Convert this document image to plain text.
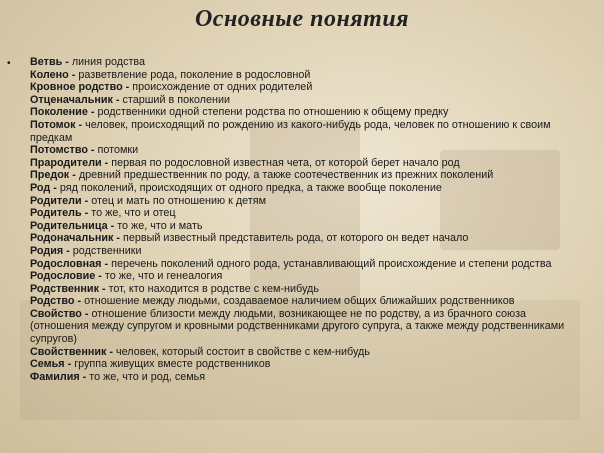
Основные понятия
• Ветвь - линия родства

Колено - разветвление рода, поколение в родословной

Кровное родство - происхождение от одних родителей

Отценачальник - старший в поколении

Поколение - родственники одной степени родства по отношению к общему предку

Потомок - человек, происходящий по рождению из какого-нибудь рода, человек по отношению к своим предкам

Потомство - потомки

Прародители - первая по родословной известная чета, от которой берет начало род

Предок - древний предшественник по роду, а также соотечественник из прежних поколений

Род - ряд поколений, происходящих от одного предка, а также вообще поколение

Родители - отец и мать по отношению к детям

Родитель - то же, что и отец

Родительница - то же, что и мать

Родоначальник - первый известный представитель рода, от которого он ведет начало

Родия - родственники

Родословная - перечень поколений одного рода, устанавливающий происхождение и степени родства

Родословие - то же, что и генеалогия

Родственник - тот, кто находится в родстве с кем-нибудь

Родство - отношение между людьми, создаваемое наличием общих ближайших родственников

Свойство - отношение близости между людьми, возникающее не по родству, а из брачного союза (отношения между супругом и кровными родственниками другого супруга, а также между родственниками супругов)

Свойственник - человек, который состоит в свойстве с кем-нибудь

Семья - группа живущих вместе родственников

Фамилия - то же, что и род, семья
